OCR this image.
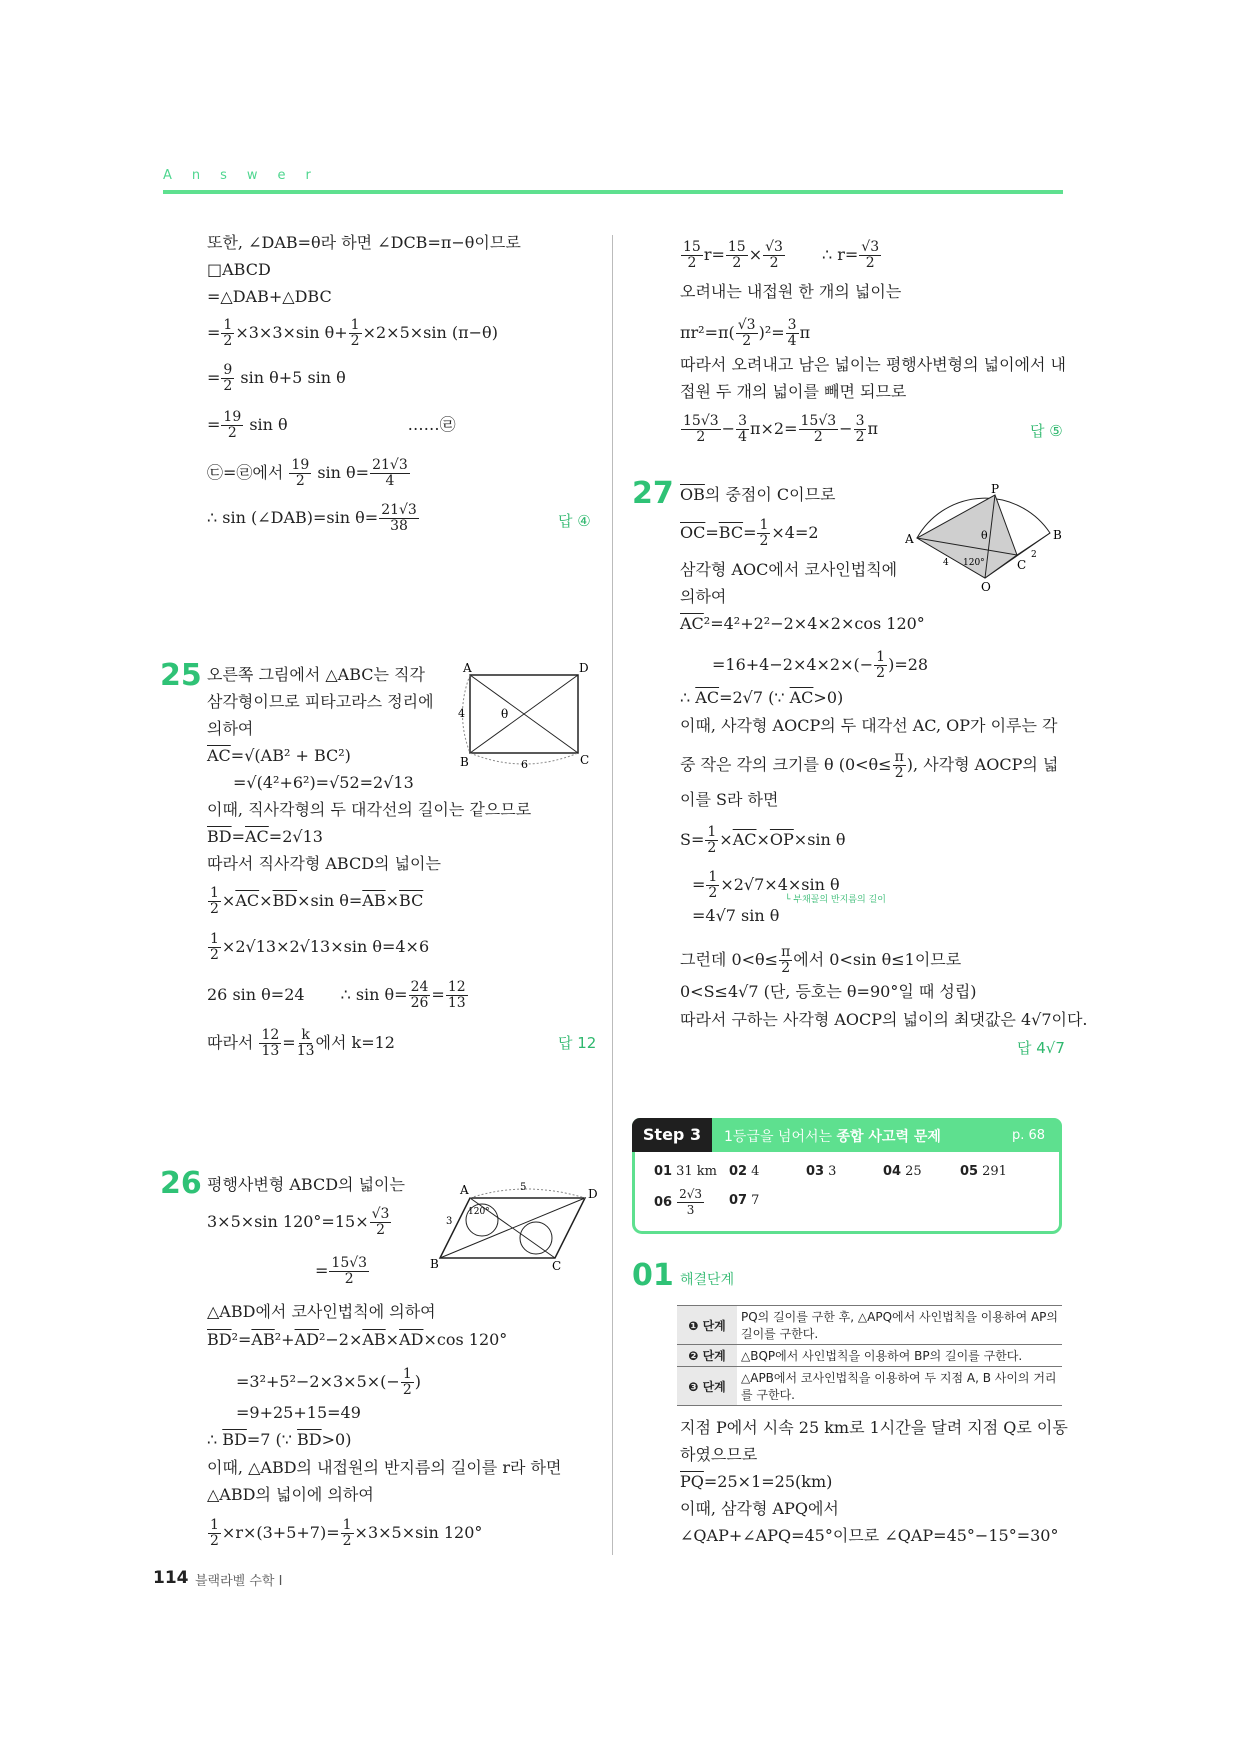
Answer
또한, ∠DAB=θ라 하면 ∠DCB=π−θ이므로
□ABCD
=△DAB+△DBC
= $\frac{1}{2} \times 3\times 3\times\sin$ $\theta+ \frac{1}{2} \times 2\times 5\times\sin$ (π−θ)
= $\frac{9}{2}$ sin θ+5 sin θ
= $\frac{19}{2}$ sin θ	……㉣
㉢=㉣에서 $\frac{19}{2}$ $\sin \theta= \frac{21√3}{4}$
∴ sin (∠DAB)=sin $\theta= \frac{21√3}{38}$	답 ④
25 오른쪽 그림에서 △ABC는 직각
삼각형이므로 피타고라스 정리에
의하여
$\overline{AC}=√(AB^2 + BC^2)$
=√(4²+6²)=√52=2√13
이때, 직사각형의 두 대각선의 길이는 같으므로
$\overline{BD}=\overline{AC}=2√13$
따라서 직사각형 ABCD의 넓이는
$\frac{1}{2} \times\overline{AC}\times\overline{BD}\times\sin$ $\theta=\overline{AB}\times\overline{BC}$
$\frac{1}{2} \times 2√13\times 2√13\times\sin$ θ=4×6
26 sin θ=24 ∴ $\sin \theta= \frac{24}{26} = \frac{12}{13}$
따라서 $\frac{12}{13} = \frac{k}{13}$ 에서 k=12	답 12
A
B	C
D
θ
4
6
26 평행사변형 ABCD의 넓이는
3×5×sin $120^\circ=15\times \frac{√3}{2}$
= $\frac{15√3}{2}$
△ABD에서 코사인법칙에 의하여
$\overline{BD}^2=\overline{AB}^2+\overline{AD}^2-2\times\overline{AB}\times\overline{AD}\times\cos$ 120°
$=3^2+5^2-2\times 3\times 5\times(- \frac{1}{2}$ )
=9+25+15=49
∴ $\overline{BD}=7$ (∵ $\overline{BD}>0$)
이때, △ABD의 내접원의 반지름의 길이를 r라 하면
△ABD의 넓이에 의하여
$\frac{1}{2} \times r\times(3+5+7)= \frac{1}{2} \times 3\times 5\times\sin$ 120°
A
B	C
D
5
3
120°
$\frac{15}{2} r= \frac{15}{2} \times \frac{√3}{2}$ ∴ $r= \frac{√3}{2}$
오려내는 내접원 한 개의 넓이는
$\pi r^2=\pi( \frac{√3}{2} )^2= \frac{3}{4}$ π
따라서 오려내고 남은 넓이는 평행사변형의 넓이에서 내
접원 두 개의 넓이를 빼면 되므로
$\frac{15√3}{2} - \frac{3}{4} \pi\times 2= \frac{15√3}{2} - \frac{3}{2}$ π	답 ⑤
27 $\overline{OB}$의 중점이 C이므로
$\overline{OC}=\overline{BC}= \frac{1}{2} \times 4=2$
삼각형 AOC에서 코사인법칙에
의하여
$\overline{AC}^2=4^2+2^2-2\times 4\times 2\times\cos$ 120°
$=16+4-2\times 4\times 2\times(- \frac{1}{2} )=28$
∴ $\overline{AC}=2√7$ (∵ $\overline{AC}>0$)
이때, 사각형 AOCP의 두 대각선 AC, OP가 이루는 각
중 작은 각의 크기를 θ ($0<\theta\le \frac{\pi}{2}$ ), 사각형 AOCP의 넓
이를 S라 하면
$S= \frac{1}{2} \times\overline{AC}\times\overline{OP}\times\sin$ θ
= $\frac{1}{2} \times 2√7\times 4\times\sin$ θ
└ 부채꼴의 반지름의 길이
=4√7 sin θ
그런데 $0<\theta\le \frac{\pi}{2}$ 에서 0<sin θ≤1이므로
0<S≤4√7 (단, 등호는 θ=90°일 때 성립)
따라서 구하는 사각형 AOCP의 넓이의 최댓값은 4√7이다.
답 4√7
A	B
C
O
P
120°
θ
4
2
Step 3	1등급을 넘어서는 종합 사고력 문제	p. 68
01 31 km 02 4	03 3	04 25	05 291
$06 \frac{2√3}{3} 07$ 7
01 해결단계
❶ 단계	PQ의 길이를 구한 후, △APQ에서 사인법칙을 이용하여 AP의 길이를 구한다.
❷ 단계	△BQP에서 사인법칙을 이용하여 BP의 길이를 구한다.
❸ 단계	△APB에서 코사인법칙을 이용하여 두 지점 A, B 사이의 거리를 구한다.
지점 P에서 시속 25 km로 1시간을 달려 지점 Q로 이동
하였으므로
$\overline{PQ}=25\times 1=25(km)$
이때, 삼각형 APQ에서
∠QAP+∠APQ=45°이므로 ∠QAP=45°−15°=30°
114 블랙라벨 수학 Ⅰ
